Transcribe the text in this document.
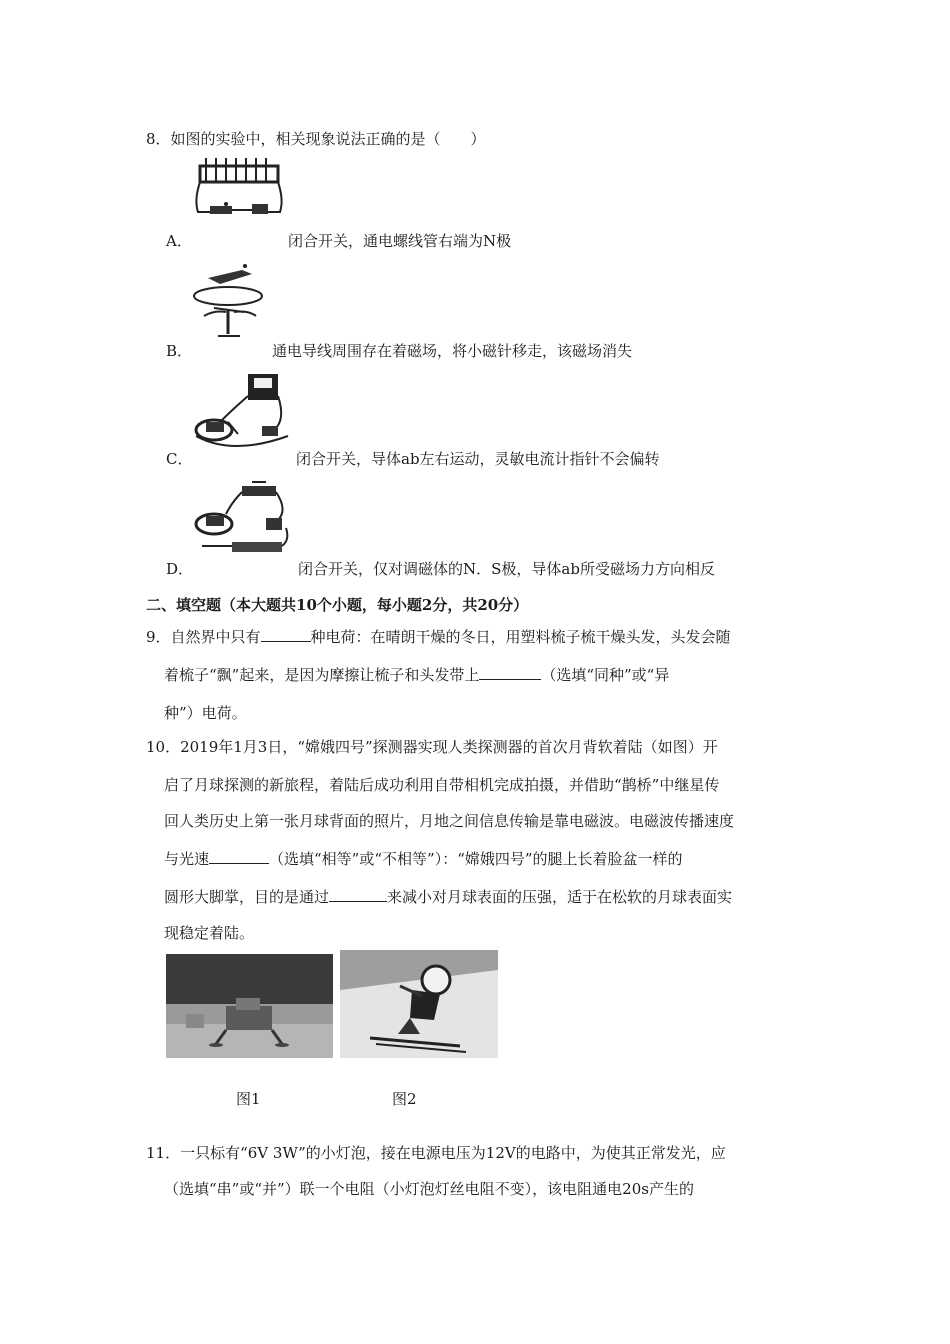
8．如图的实验中，相关现象说法正确的是（　　）
A．	闭合开关，通电螺线管右端为N极
B．	通电导线周围存在着磁场，将小磁针移走，该磁场消失
C．	闭合开关，导体ab左右运动，灵敏电流计指针不会偏转
D．	闭合开关，仅对调磁体的N．S极，导体ab所受磁场力方向相反
二、填空题（本大题共10个小题，每小题2分，共20分）
9．自然界中只有	种电荷：在晴朗干燥的冬日，用塑料梳子梳干燥头发，头发会随
着梳子“飘”起来，是因为摩擦让梳子和头发带上	（选填“同种”或“异
种”）电荷。
10．2019年1月3日，“嫦娥四号”探测器实现人类探测器的首次月背软着陆（如图）开
启了月球探测的新旅程，着陆后成功利用自带相机完成拍摄，并借助“鹊桥”中继星传
回人类历史上第一张月球背面的照片，月地之间信息传输是靠电磁波。电磁波传播速度
与光速	（选填“相等”或“不相等”）：“嫦娥四号”的腿上长着脸盆一样的
圆形大脚掌，目的是通过	来减小对月球表面的压强，适于在松软的月球表面实
现稳定着陆。
图1	图2
11．一只标有“6V 3W”的小灯泡，接在电源电压为12V的电路中，为使其正常发光，应
（选填“串”或“并”）联一个电阻（小灯泡灯丝电阻不变），该电阻通电20s产生的
